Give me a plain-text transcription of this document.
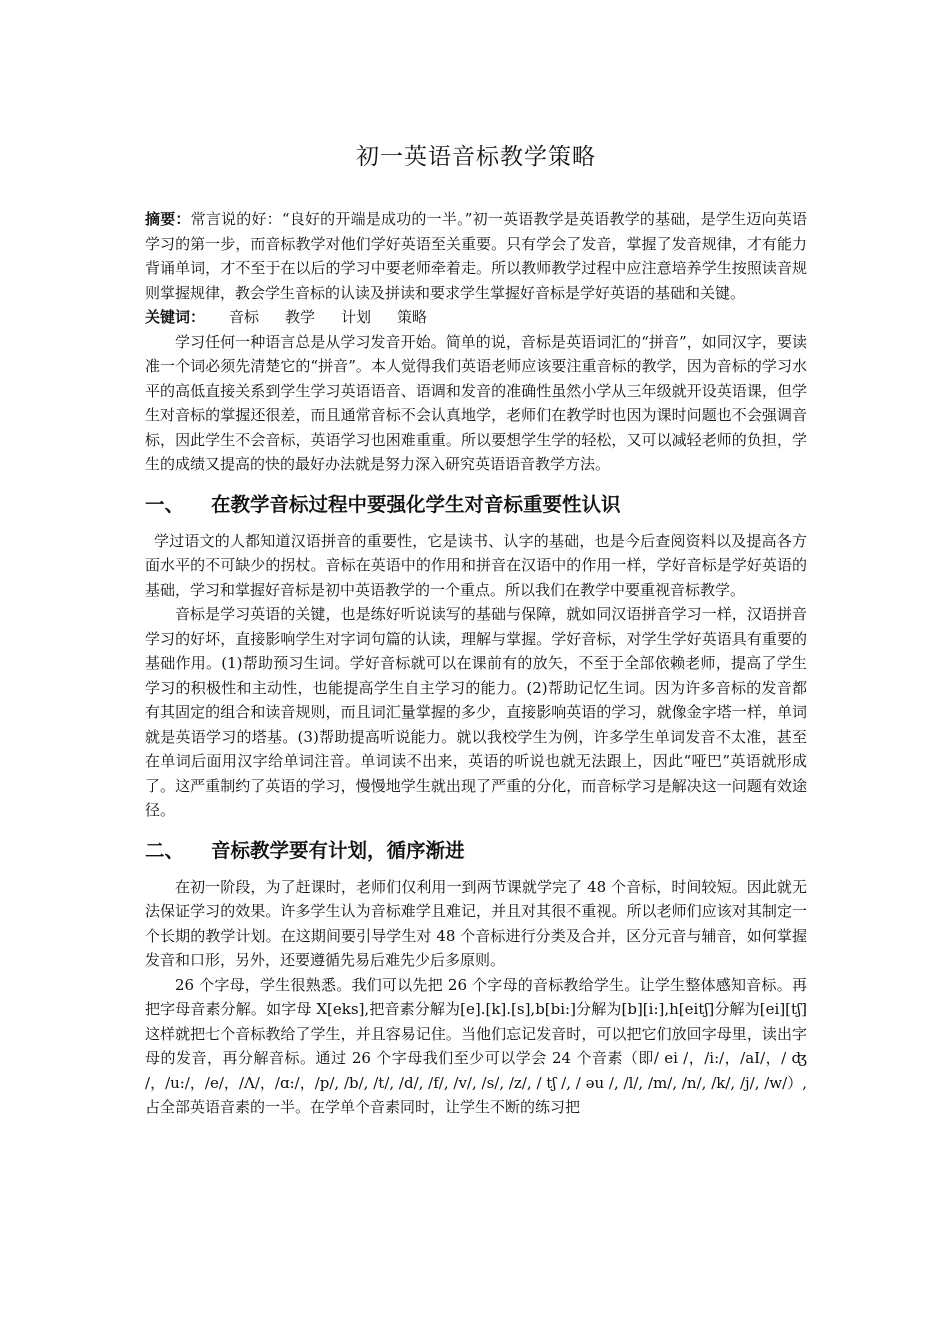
初一英语音标教学策略

摘要：常言说的好：“良好的开端是成功的一半。”初一英语教学是英语教学的基础，是学生迈向英语学习的第一步，而音标教学对他们学好英语至关重要。只有学会了发音，掌握了发音规律，才有能力背诵单词，才不至于在以后的学习中要老师牵着走。所以教师教学过程中应注意培养学生按照读音规则掌握规律，教会学生音标的认读及拼读和要求学生掌握好音标是学好英语的基础和关键。

关键词： 音标 教学 计划 策略

学习任何一种语言总是从学习发音开始。简单的说，音标是英语词汇的“拼音”，如同汉字，要读准一个词必须先清楚它的“拼音”。本人觉得我们英语老师应该要注重音标的教学，因为音标的学习水平的高低直接关系到学生学习英语语音、语调和发音的准确性虽然小学从三年级就开设英语课，但学生对音标的掌握还很差，而且通常音标不会认真地学，老师们在教学时也因为课时问题也不会强调音标，因此学生不会音标，英语学习也困难重重。所以要想学生学的轻松，又可以减轻老师的负担，学生的成绩又提高的快的最好办法就是努力深入研究英语语音教学方法。

一、 在教学音标过程中要强化学生对音标重要性认识

学过语文的人都知道汉语拼音的重要性，它是读书、认字的基础，也是今后查阅资料以及提高各方面水平的不可缺少的拐杖。音标在英语中的作用和拼音在汉语中的作用一样，学好音标是学好英语的基础，学习和掌握好音标是初中英语教学的一个重点。所以我们在教学中要重视音标教学。

音标是学习英语的关键，也是练好听说读写的基础与保障，就如同汉语拼音学习一样，汉语拼音学习的好坏，直接影响学生对字词句篇的认读，理解与掌握。学好音标，对学生学好英语具有重要的基础作用。(1)帮助预习生词。学好音标就可以在课前有的放矢，不至于全部依赖老师，提高了学生学习的积极性和主动性，也能提高学生自主学习的能力。(2)帮助记忆生词。因为许多音标的发音都有其固定的组合和读音规则，而且词汇量掌握的多少，直接影响英语的学习，就像金字塔一样，单词就是英语学习的塔基。(3)帮助提高听说能力。就以我校学生为例，许多学生单词发音不太准，甚至在单词后面用汉字给单词注音。单词读不出来，英语的听说也就无法跟上，因此“哑巴”英语就形成了。这严重制约了英语的学习，慢慢地学生就出现了严重的分化，而音标学习是解决这一问题有效途径。

二、 音标教学要有计划，循序渐进

在初一阶段，为了赶课时，老师们仅利用一到两节课就学完了 48 个音标，时间较短。因此就无法保证学习的效果。许多学生认为音标难学且难记，并且对其很不重视。所以老师们应该对其制定一个长期的教学计划。在这期间要引导学生对 48 个音标进行分类及合并，区分元音与辅音，如何掌握发音和口形，另外，还要遵循先易后难先少后多原则。

26 个字母，学生很熟悉。我们可以先把 26 个字母的音标教给学生。让学生整体感知音标。再把字母音素分解。如字母 X[eks],把音素分解为[e].[k].[s],b[bi:]分解为[b][i:],h[eitʃ]分解为[ei][tʃ]这样就把七个音标教给了学生，并且容易记住。当他们忘记发音时，可以把它们放回字母里，读出字母的发音，再分解音标。通过 26 个字母我们至少可以学会 24 个音素（即/ ei /，/i:/，/aI/，/ ʤ /，/u:/，/e/，/Λ/，/ɑ:/，/p/, /b/, /t/, /d/, /f/, /v/, /s/, /z/, / tʃ /, / əu /, /l/, /m/, /n/, /k/, /j/, /w/）,占全部英语音素的一半。在学单个音素同时，让学生不断的练习把
